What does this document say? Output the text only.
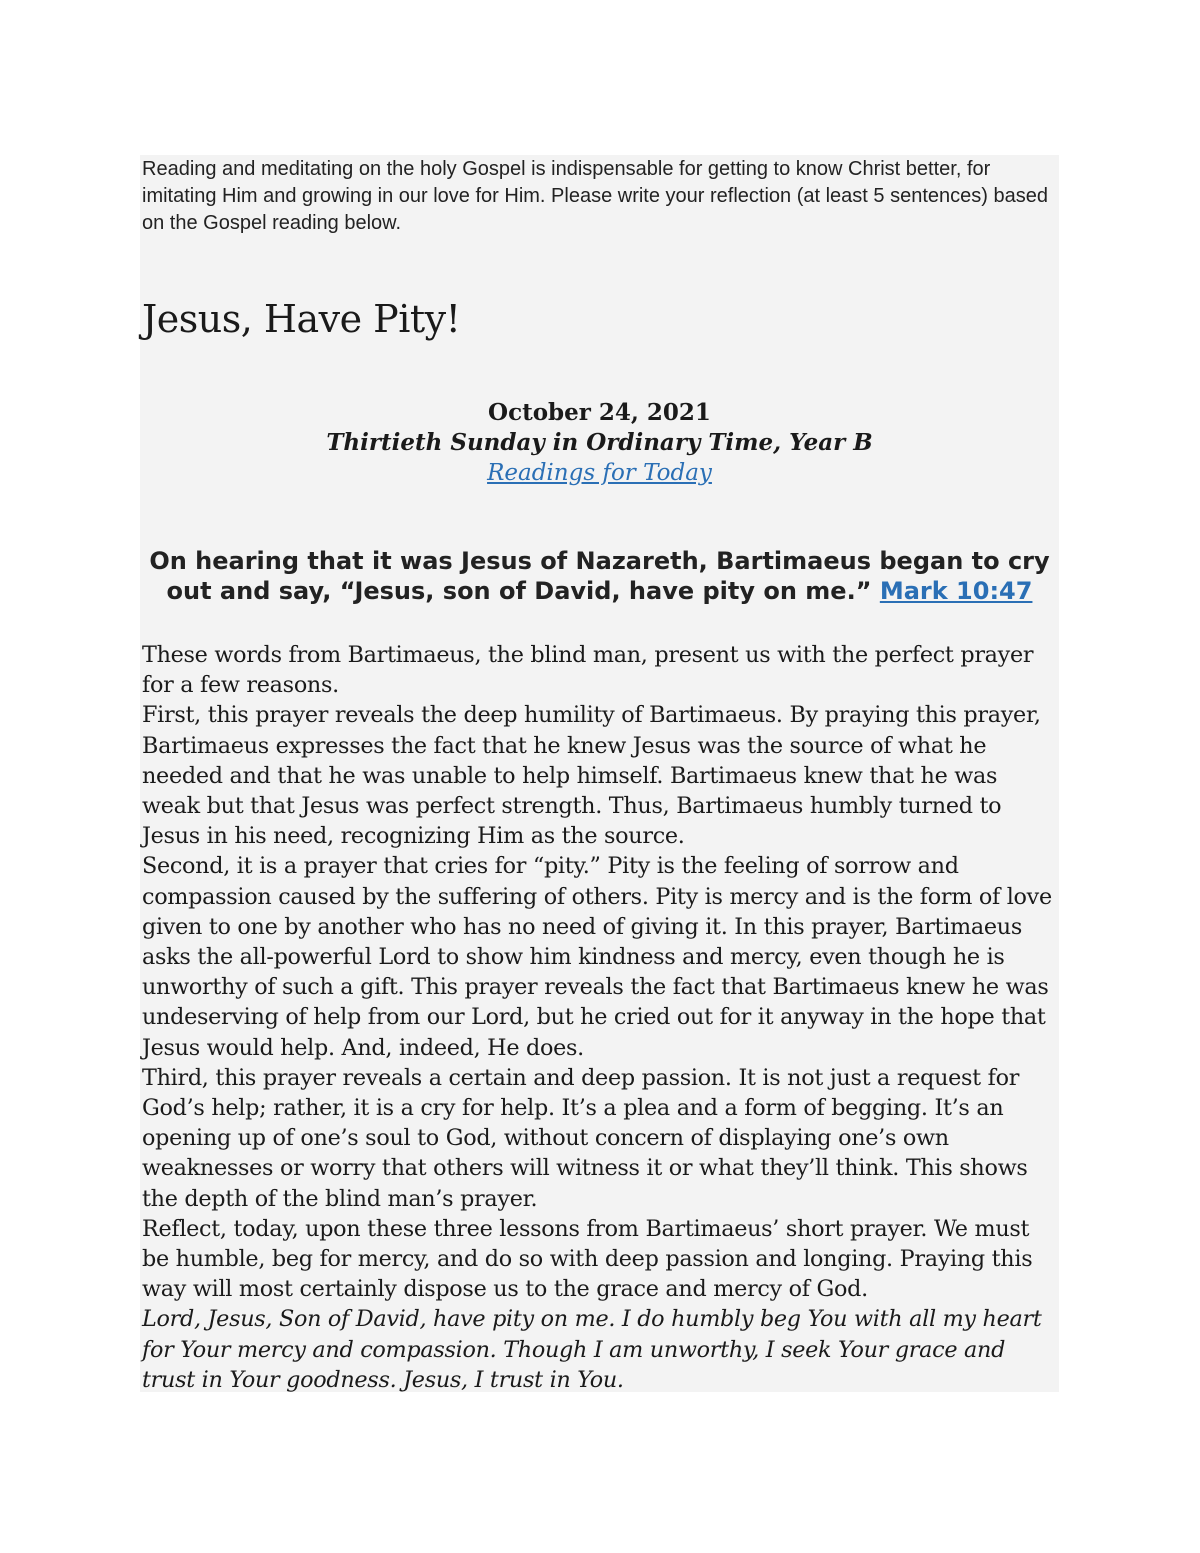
Reading and meditating on the holy Gospel is indispensable for getting to know Christ better, for imitating Him and growing in our love for Him. Please write your reflection (at least 5 sentences) based on the Gospel reading below.

Jesus, Have Pity!
October 24, 2021
Thirtieth Sunday in Ordinary Time, Year B
Readings for Today
On hearing that it was Jesus of Nazareth, Bartimaeus began to cry out and say, “Jesus, son of David, have pity on me.” Mark 10:47

These words from Bartimaeus, the blind man, present us with the perfect prayer for a few reasons.

First, this prayer reveals the deep humility of Bartimaeus. By praying this prayer, Bartimaeus expresses the fact that he knew Jesus was the source of what he needed and that he was unable to help himself. Bartimaeus knew that he was weak but that Jesus was perfect strength. Thus, Bartimaeus humbly turned to Jesus in his need, recognizing Him as the source.

Second, it is a prayer that cries for “pity.” Pity is the feeling of sorrow and compassion caused by the suffering of others. Pity is mercy and is the form of love given to one by another who has no need of giving it. In this prayer, Bartimaeus asks the all-powerful Lord to show him kindness and mercy, even though he is unworthy of such a gift. This prayer reveals the fact that Bartimaeus knew he was undeserving of help from our Lord, but he cried out for it anyway in the hope that Jesus would help. And, indeed, He does.

Third, this prayer reveals a certain and deep passion. It is not just a request for God’s help; rather, it is a cry for help. It’s a plea and a form of begging. It’s an opening up of one’s soul to God, without concern of displaying one’s own weaknesses or worry that others will witness it or what they’ll think. This shows the depth of the blind man’s prayer.

Reflect, today, upon these three lessons from Bartimaeus’ short prayer. We must be humble, beg for mercy, and do so with deep passion and longing. Praying this way will most certainly dispose us to the grace and mercy of God.

Lord, Jesus, Son of David, have pity on me. I do humbly beg You with all my heart for Your mercy and compassion. Though I am unworthy, I seek Your grace and trust in Your goodness. Jesus, I trust in You.
